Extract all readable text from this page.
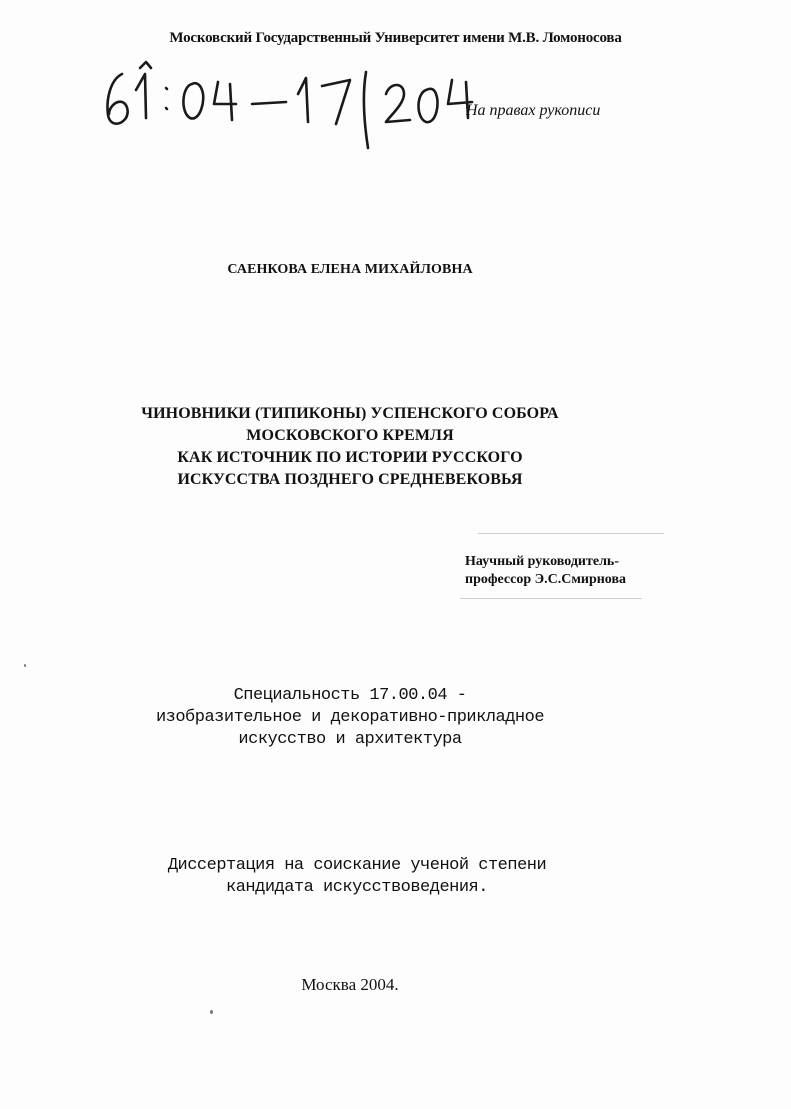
Московский Государственный Университет имени М.В. Ломоносова
На правах рукописи
САЕНКОВА ЕЛЕНА МИХАЙЛОВНА
ЧИНОВНИКИ (ТИПИКОНЫ) УСПЕНСКОГО СОБОРА
МОСКОВСКОГО КРЕМЛЯ
КАК ИСТОЧНИК ПО ИСТОРИИ РУССКОГО
ИСКУССТВА ПОЗДНЕГО СРЕДНЕВЕКОВЬЯ
Научный руководитель-
профессор Э.С.Смирнова
Специальность 17.00.04 -
изобразительное и декоративно-прикладное
искусство и архитектура
Диссертация на соискание ученой степени
кандидата искусствоведения.
Москва 2004.
